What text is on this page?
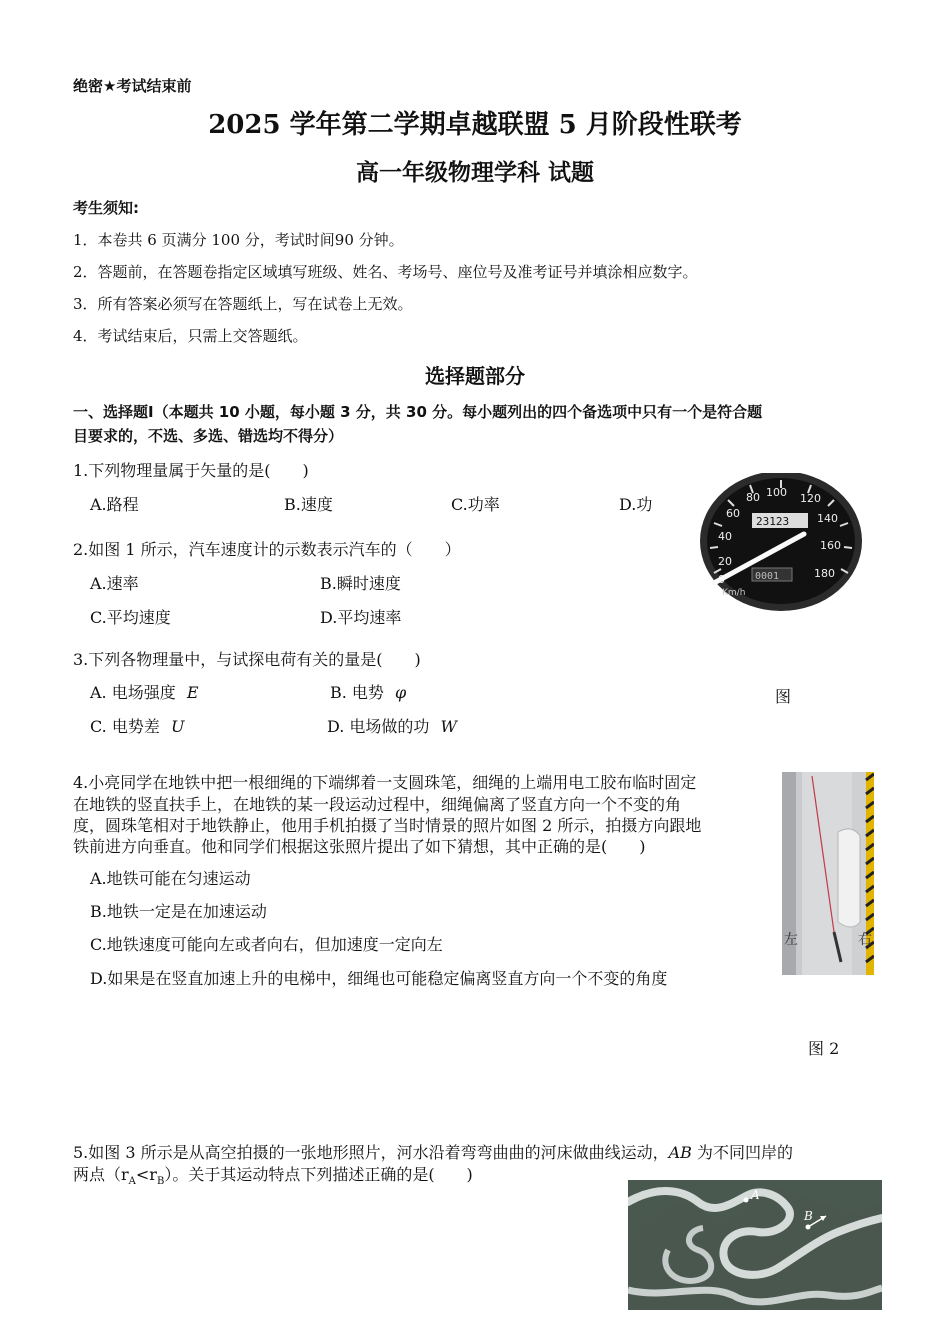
绝密★考试结束前
2025 学年第二学期卓越联盟 5 月阶段性联考
高一年级物理学科 试题
考生须知:
1．本卷共 6 页满分 100 分，考试时间90 分钟。
2．答题前，在答题卷指定区域填写班级、姓名、考场号、座位号及准考证号并填涂相应数字。
3．所有答案必须写在答题纸上，写在试卷上无效。
4．考试结束后，只需上交答题纸。
选择题部分
一、选择题Ⅰ（本题共 10 小题，每小题 3 分，共 30 分。每小题列出的四个备选项中只有一个是符合题
目要求的，不选、多选、错选均不得分）
1.下列物理量属于矢量的是(　　)
A.路程	B.速度	C.功率	D.功
2.如图 1 所示，汽车速度计的示数表示汽车的（　　）
A.速率	B.瞬时速度
C.平均速度	D.平均速率
20
40
60
80 100 120
140
160
180
23123
0001
Km/h
图
3.下列各物理量中，与试探电荷有关的量是(　　)
A. 电场强度 E	B. 电势 φ
C. 电势差 U	D. 电场做的功 W
4.小亮同学在地铁中把一根细绳的下端绑着一支圆珠笔，细绳的上端用电工胶布临时固定
在地铁的竖直扶手上，在地铁的某一段运动过程中，细绳偏离了竖直方向一个不变的角
度，圆珠笔相对于地铁静止，他用手机拍摄了当时情景的照片如图 2 所示，拍摄方向跟地
铁前进方向垂直。他和同学们根据这张照片提出了如下猜想，其中正确的是(　　)
A.地铁可能在匀速运动
B.地铁一定是在加速运动
C.地铁速度可能向左或者向右，但加速度一定向左
D.如果是在竖直加速上升的电梯中，细绳也可能稳定偏离竖直方向一个不变的角度
左	右
图 2
5.如图 3 所示是从高空拍摄的一张地形照片，河水沿着弯弯曲曲的河床做曲线运动，AB 为不同凹岸的
两点$(r_A<r_B)$。关于其运动特点下列描述正确的是(　　)
A
B
